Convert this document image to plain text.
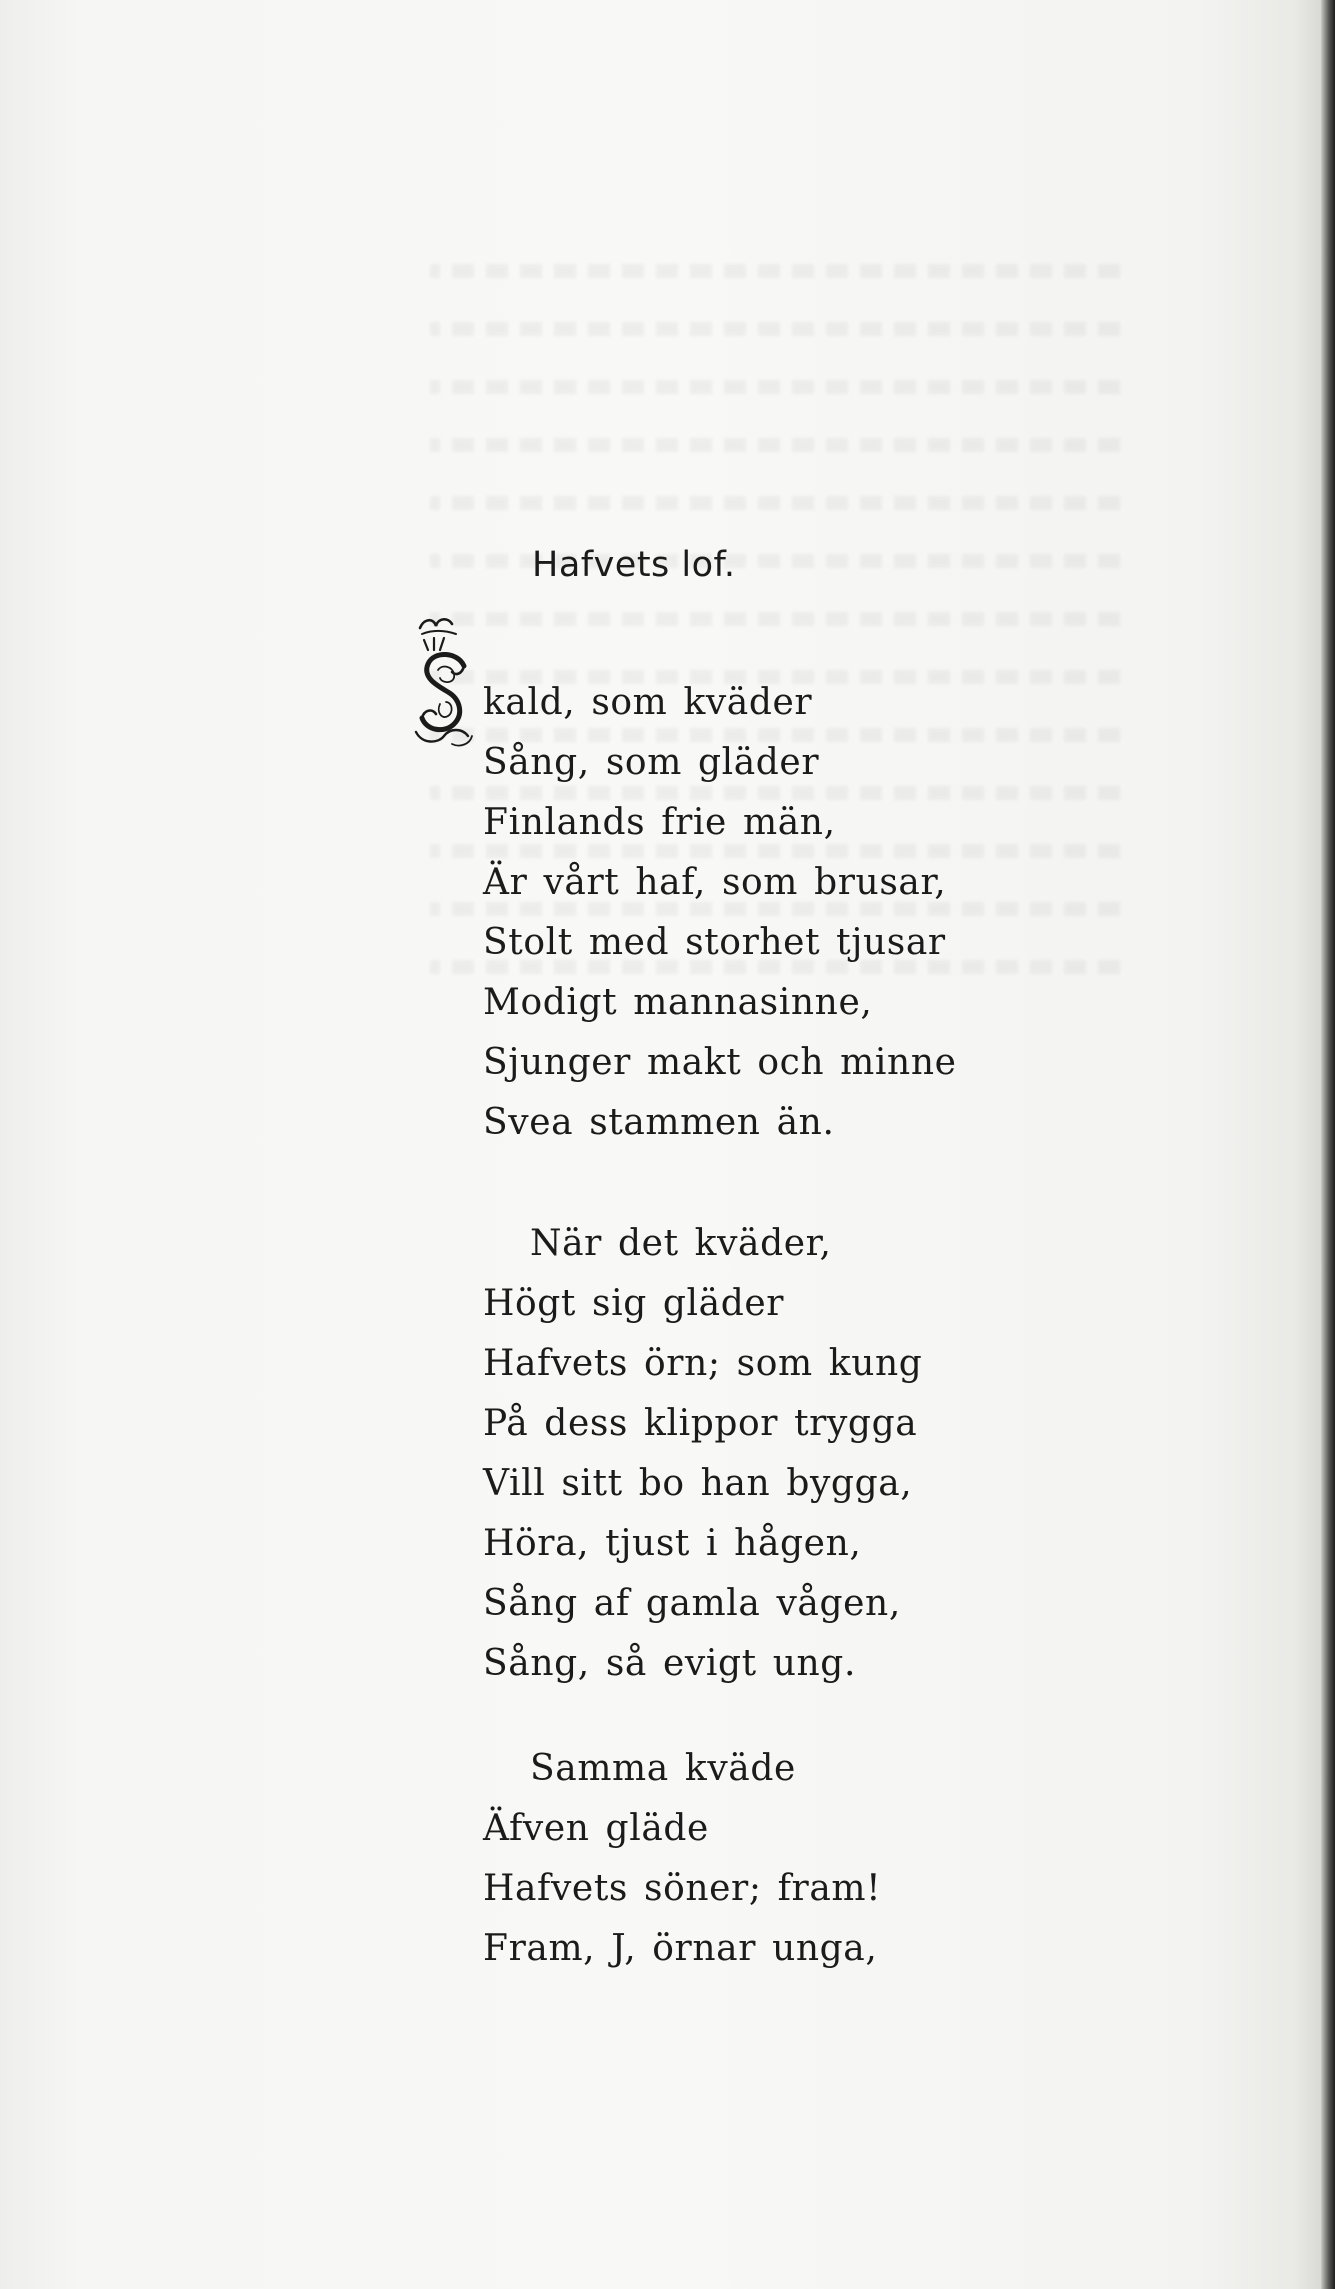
Hafvets lof.
kald, som kväder
Sång, som gläder
Finlands frie män,
Är vårt haf, som brusar,
Stolt med storhet tjusar
Modigt mannasinne,
Sjunger makt och minne
Svea stammen än.
När det kväder,
Högt sig gläder
Hafvets örn; som kung
På dess klippor trygga
Vill sitt bo han bygga,
Höra, tjust i hågen,
Sång af gamla vågen,
Sång, så evigt ung.
Samma kväde
Äfven gläde
Hafvets söner; fram!
Fram, J, örnar unga,
